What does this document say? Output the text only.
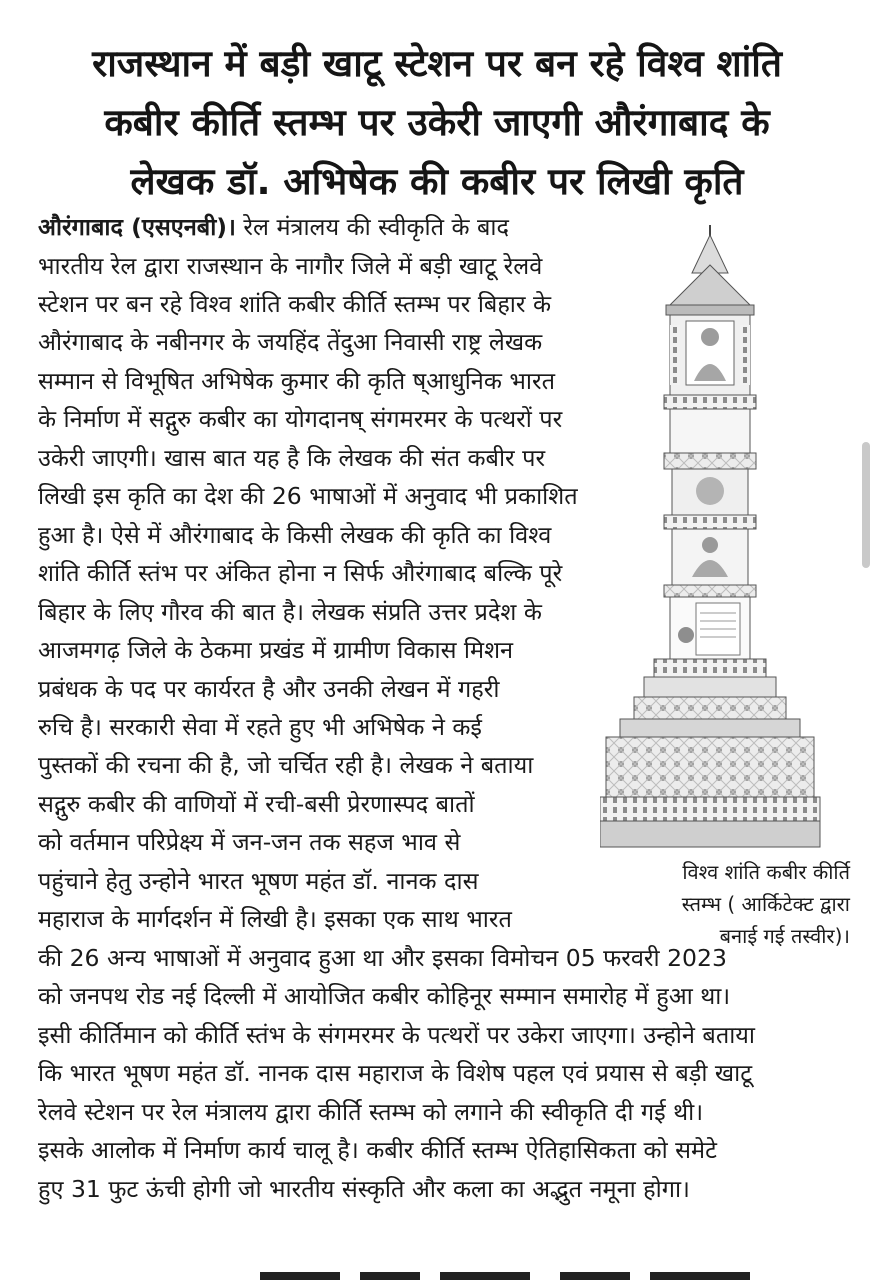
राजस्थान में बड़ी खाटू स्टेशन पर बन रहे विश्व शांति
कबीर कीर्ति स्तम्भ पर उकेरी जाएगी औरंगाबाद के
लेखक डॉ. अभिषेक की कबीर पर लिखी कृति
औरंगाबाद (एसएनबी)। रेल मंत्रालय की स्वीकृति के बाद
भारतीय रेल द्वारा राजस्थान के नागौर जिले में बड़ी खाटू रेलवे
स्टेशन पर बन रहे विश्व शांति कबीर कीर्ति स्तम्भ पर बिहार के
औरंगाबाद के नबीनगर के जयहिंद तेंदुआ निवासी राष्ट्र लेखक
सम्मान से विभूषित अभिषेक कुमार की कृति ष्आधुनिक भारत
के निर्माण में सद्गुरु कबीर का योगदानष् संगमरमर के पत्थरों पर
उकेरी जाएगी। खास बात यह है कि लेखक की संत कबीर पर
लिखी इस कृति का देश की 26 भाषाओं में अनुवाद भी प्रकाशित
हुआ है। ऐसे में औरंगाबाद के किसी लेखक की कृति का विश्व
शांति कीर्ति स्तंभ पर अंकित होना न सिर्फ औरंगाबाद बल्कि पूरे
बिहार के लिए गौरव की बात है। लेखक संप्रति उत्तर प्रदेश के
आजमगढ़ जिले के ठेकमा प्रखंड में ग्रामीण विकास मिशन
प्रबंधक के पद पर कार्यरत है और उनकी लेखन में गहरी
रुचि है। सरकारी सेवा में रहते हुए भी अभिषेक ने कई
पुस्तकों की रचना की है, जो चर्चित रही है। लेखक ने बताया
सद्गुरु कबीर की वाणियों में रची-बसी प्रेरणास्पद बातों
को वर्तमान परिप्रेक्ष्य में जन-जन तक सहज भाव से
पहुंचाने हेतु उन्होने भारत भूषण महंत डॉ. नानक दास
महाराज के मार्गदर्शन में लिखी है। इसका एक साथ भारत
की 26 अन्य भाषाओं में अनुवाद हुआ था और इसका विमोचन 05 फरवरी 2023
को जनपथ रोड नई दिल्ली में आयोजित कबीर कोहिनूर सम्मान समारोह में हुआ था।
इसी कीर्तिमान को कीर्ति स्तंभ के संगमरमर के पत्थरों पर उकेरा जाएगा। उन्होने बताया
कि भारत भूषण महंत डॉ. नानक दास महाराज के विशेष पहल एवं प्रयास से बड़ी खाटू
रेलवे स्टेशन पर रेल मंत्रालय द्वारा कीर्ति स्तम्भ को लगाने की स्वीकृति दी गई थी।
इसके आलोक में निर्माण कार्य चालू है। कबीर कीर्ति स्तम्भ ऐतिहासिकता को समेटे
हुए 31 फुट ऊंची होगी जो भारतीय संस्कृति और कला का अद्भुत नमूना होगा।
विश्व शांति कबीर कीर्ति
स्तम्भ ( आर्किटेक्ट द्वारा
बनाई गई तस्वीर)।
